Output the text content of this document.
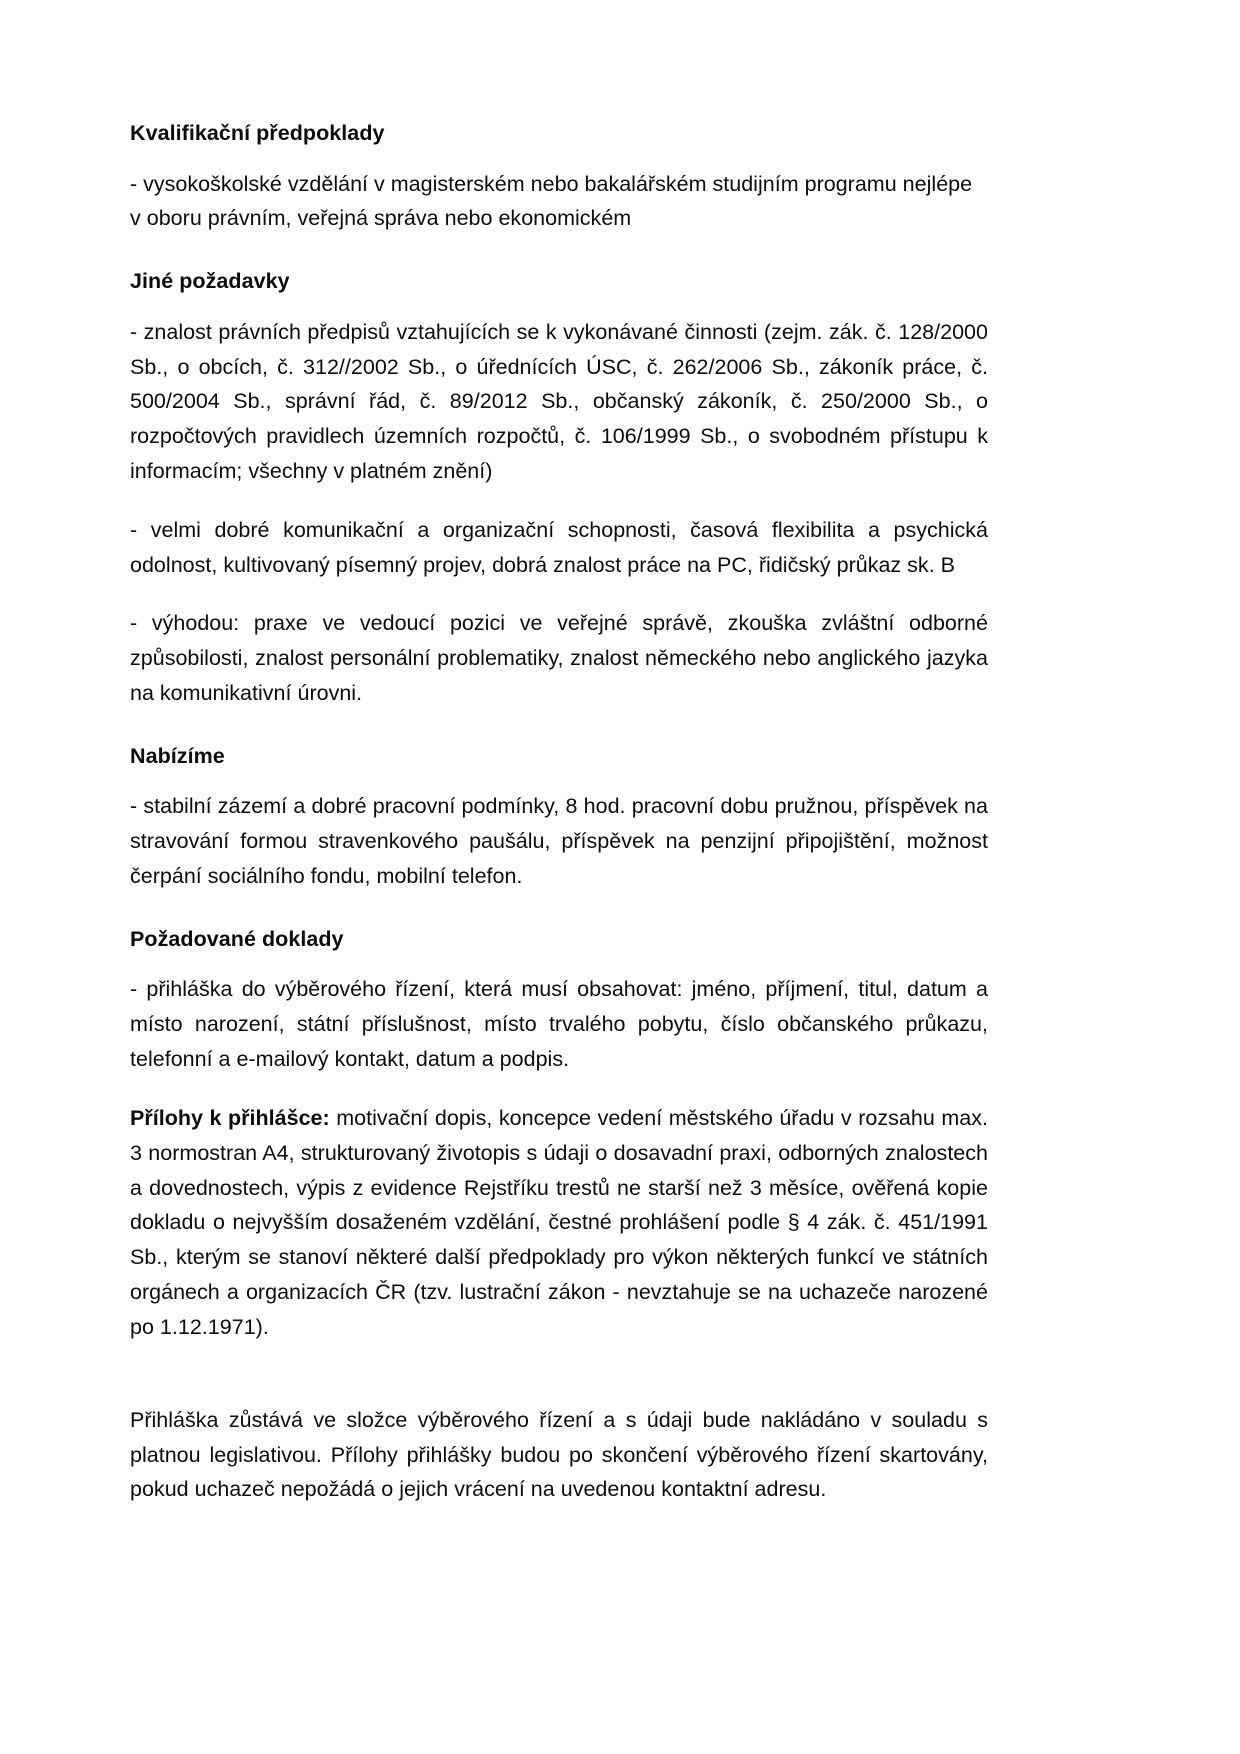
Kvalifikační předpoklady

- vysokoškolské vzdělání v magisterském nebo bakalářském studijním programu nejlépe v oboru právním, veřejná správa nebo ekonomickém

Jiné požadavky

- znalost právních předpisů vztahujících se k vykonávané činnosti (zejm. zák. č. 128/2000 Sb., o obcích, č. 312//2002 Sb., o úřednících ÚSC, č. 262/2006 Sb., zákoník práce, č. 500/2004 Sb., správní řád, č. 89/2012 Sb., občanský zákoník, č. 250/2000 Sb., o rozpočtových pravidlech územních rozpočtů, č. 106/1999 Sb., o svobodném přístupu k informacím; všechny v platném znění)

- velmi dobré komunikační a organizační schopnosti, časová flexibilita a psychická odolnost, kultivovaný písemný projev, dobrá znalost práce na PC, řidičský průkaz sk. B

- výhodou: praxe ve vedoucí pozici ve veřejné správě, zkouška zvláštní odborné způsobilosti, znalost personální problematiky, znalost německého nebo anglického jazyka na komunikativní úrovni.

Nabízíme

- stabilní zázemí a dobré pracovní podmínky, 8 hod. pracovní dobu pružnou, příspěvek na stravování formou stravenkového paušálu, příspěvek na penzijní připojištění, možnost čerpání sociálního fondu, mobilní telefon.

Požadované doklady

- přihláška do výběrového řízení, která musí obsahovat: jméno, příjmení, titul, datum a místo narození, státní příslušnost, místo trvalého pobytu, číslo občanského průkazu, telefonní a e-mailový kontakt, datum a podpis.

Přílohy k přihlášce: motivační dopis, koncepce vedení městského úřadu v rozsahu max. 3 normostran A4, strukturovaný životopis s údaji o dosavadní praxi, odborných znalostech a dovednostech, výpis z evidence Rejstříku trestů ne starší než 3 měsíce, ověřená kopie dokladu o nejvyšším dosaženém vzdělání, čestné prohlášení podle § 4 zák. č. 451/1991 Sb., kterým se stanoví některé další předpoklady pro výkon některých funkcí ve státních orgánech a organizacích ČR (tzv. lustrační zákon - nevztahuje se na uchazeče narozené po 1.12.1971).

Přihláška zůstává ve složce výběrového řízení a s údaji bude nakládáno v souladu s platnou legislativou. Přílohy přihlášky budou po skončení výběrového řízení skartovány, pokud uchazeč nepožádá o jejich vrácení na uvedenou kontaktní adresu.
